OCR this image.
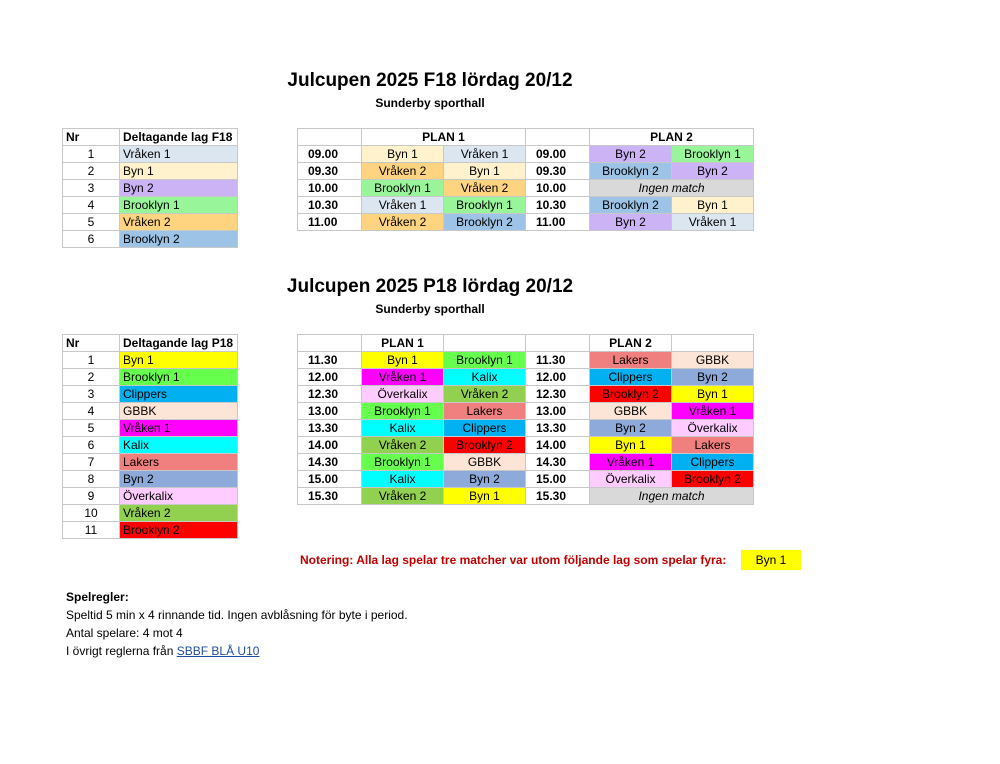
Julcupen 2025 F18 lördag 20/12
Sunderby sporthall
Nr	Deltagande lag F18
1	Vråken 1
2	Byn 1
3	Byn 2
4	Brooklyn 1
5	Vråken 2
6	Brooklyn 2
	PLAN 1			PLAN 2	
09.00	Byn 1	Vråken 1	09.00	Byn 2	Brooklyn 1
09.30	Vråken 2	Byn 1	09.30	Brooklyn 2	Byn 2
10.00	Brooklyn 1	Vråken 2	10.00	Ingen match	
10.30	Vråken 1	Brooklyn 1	10.30	Brooklyn 2	Byn 1
11.00	Vråken 2	Brooklyn 2	11.00	Byn 2	Vråken 1
Julcupen 2025 P18 lördag 20/12
Sunderby sporthall
Nr	Deltagande lag P18
1	Byn 1
2	Brooklyn 1
3	Clippers
4	GBBK
5	Vråken 1
6	Kalix
7	Lakers
8	Byn 2
9	Överkalix
10	Vråken 2
11	Brooklyn 2
	PLAN 1			PLAN 2	
11.30	Byn 1	Brooklyn 1	11.30	Lakers	GBBK
12.00	Vråken 1	Kalix	12.00	Clippers	Byn 2
12.30	Överkalix	Vråken 2	12.30	Brooklyn 2	Byn 1
13.00	Brooklyn 1	Lakers	13.00	GBBK	Vråken 1
13.30	Kalix	Clippers	13.30	Byn 2	Överkalix
14.00	Vråken 2	Brooklyn 2	14.00	Byn 1	Lakers
14.30	Brooklyn 1	GBBK	14.30	Vråken 1	Clippers
15.00	Kalix	Byn 2	15.00	Överkalix	Brooklyn 2
15.30	Vråken 2	Byn 1	15.30	Ingen match	
Notering: Alla lag spelar tre matcher var utom följande lag som spelar fyra:	Byn 1
Spelregler:
Speltid 5 min x 4 rinnande tid. Ingen avblåsning för byte i period.
Antal spelare: 4 mot 4
I övrigt reglerna från SBBF BLÅ U10
